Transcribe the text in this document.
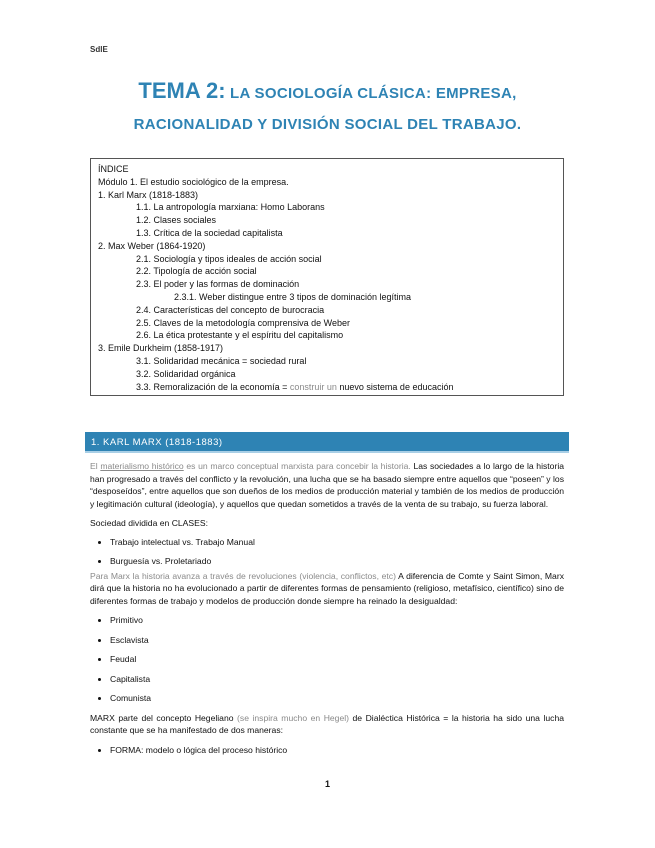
SdlE
TEMA 2: LA SOCIOLOGÍA CLÁSICA: EMPRESA,
RACIONALIDAD Y DIVISIÓN SOCIAL DEL TRABAJO.
ÍNDICE
Módulo 1. El estudio sociológico de la empresa.
1. Karl Marx (1818-1883)
1.1. La antropología marxiana: Homo Laborans
1.2. Clases sociales
1.3. Crítica de la sociedad capitalista
2. Max Weber (1864-1920)
2.1. Sociología y tipos ideales de acción social
2.2. Tipología de acción social
2.3. El poder y las formas de dominación
2.3.1. Weber distingue entre 3 tipos de dominación legítima
2.4. Características del concepto de burocracia
2.5. Claves de la metodología comprensiva de Weber
2.6. La ética protestante y el espíritu del capitalismo
3. Emile Durkheim (1858-1917)
3.1. Solidaridad mecánica = sociedad rural
3.2. Solidaridad orgánica
3.3. Remoralización de la economía = construir un nuevo sistema de educación
1. KARL MARX (1818-1883)

El materialismo histórico es un marco conceptual marxista para concebir la historia. Las sociedades a lo largo de la historia han progresado a través del conflicto y la revolución, una lucha que se ha basado siempre entre aquellos que “poseen” y los “desposeídos”, entre aquellos que son dueños de los medios de producción material y también de los medios de producción y legitimación cultural (ideología), y aquellos que quedan sometidos a través de la venta de su trabajo, su fuerza laboral.

Sociedad dividida en CLASES:

• Trabajo intelectual vs. Trabajo Manual
• Burguesía vs. Proletariado

Para Marx la historia avanza a través de revoluciones (violencia, conflictos, etc) A diferencia de Comte y Saint Simon, Marx dirá que la historia no ha evolucionado a partir de diferentes formas de pensamiento (religioso, metafísico, científico) sino de diferentes formas de trabajo y modelos de producción donde siempre ha reinado la desigualdad:

• Primitivo
• Esclavista
• Feudal
• Capitalista
• Comunista

MARX parte del concepto Hegeliano (se inspira mucho en Hegel) de Dialéctica Histórica = la historia ha sido una lucha constante que se ha manifestado de dos maneras:

• FORMA: modelo o lógica del proceso histórico
1
